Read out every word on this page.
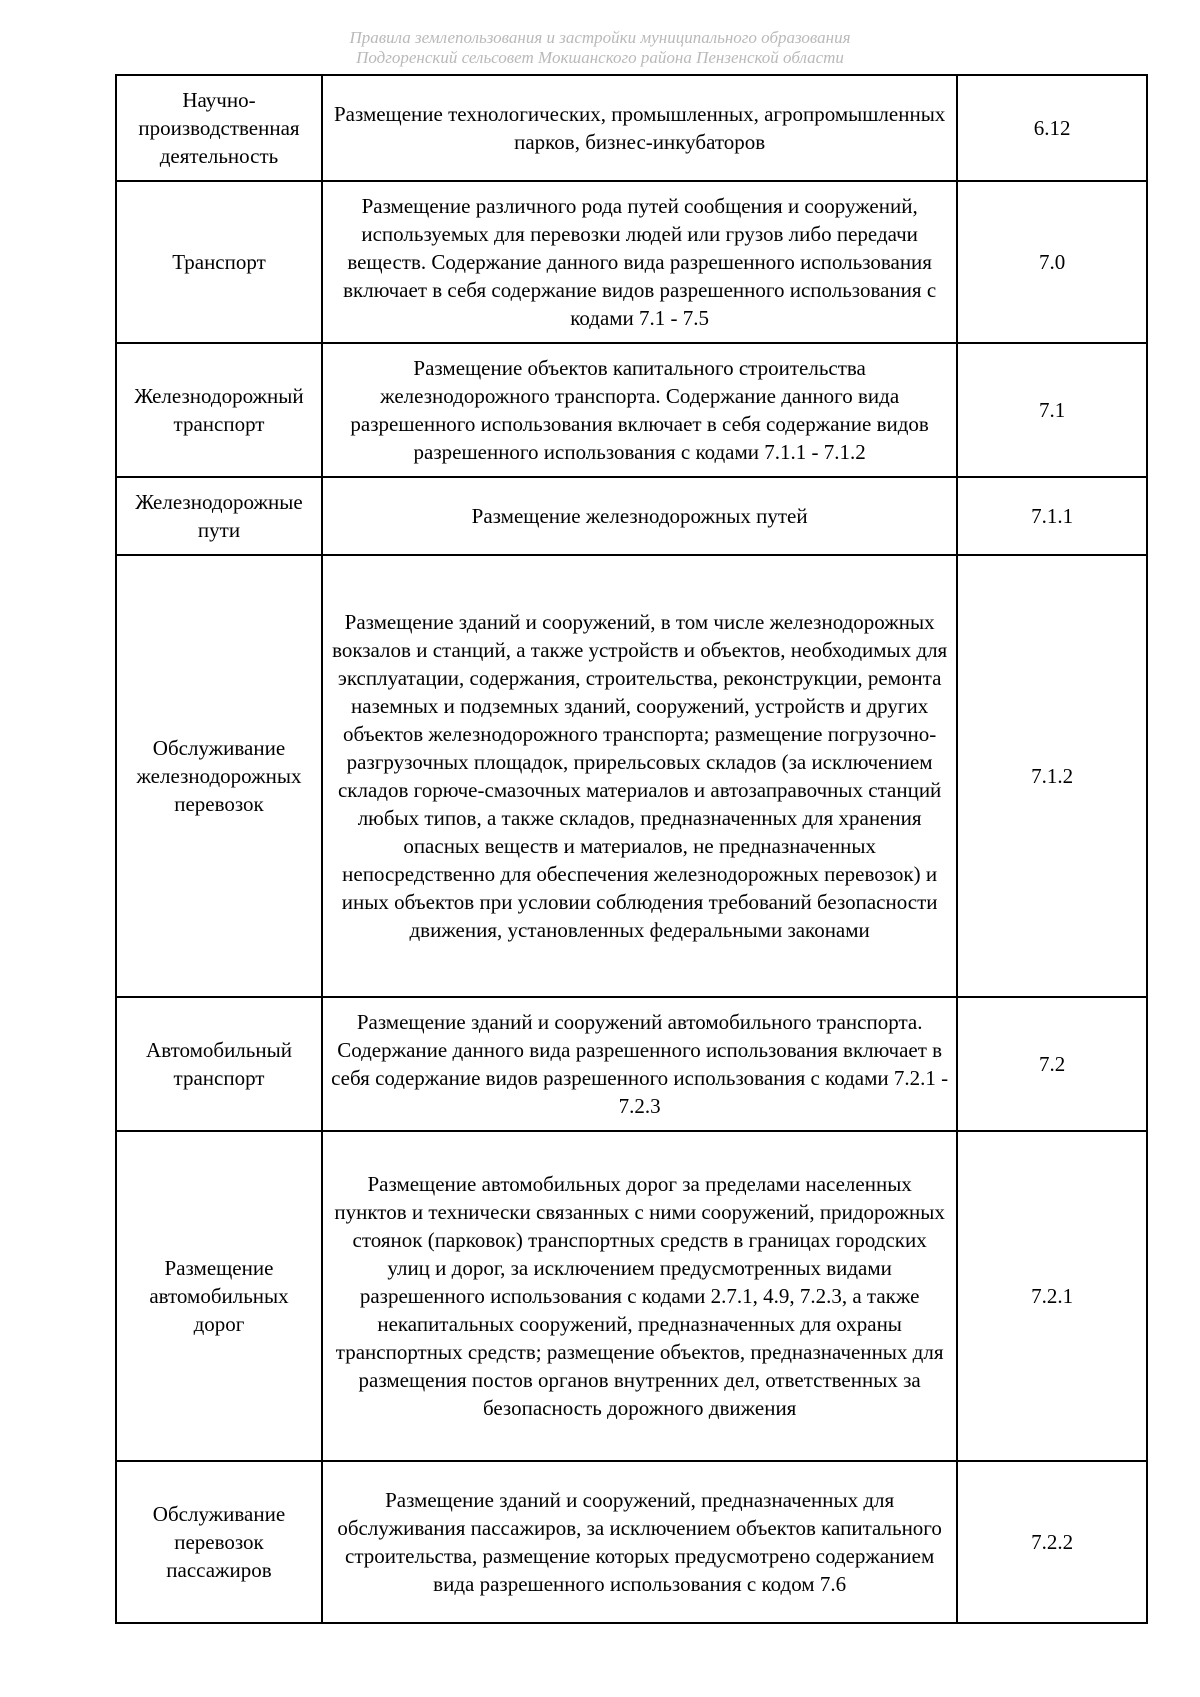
Правила землепользования и застройки муниципального образования
Подгоренский сельсовет Мокшанского района Пензенской области
Научно-производственная деятельность	Размещение технологических, промышленных, агропромышленных парков, бизнес-инкубаторов	6.12
Транспорт	Размещение различного рода путей сообщения и сооружений, используемых для перевозки людей или грузов либо передачи веществ. Содержание данного вида разрешенного использования включает в себя содержание видов разрешенного использования с кодами 7.1 - 7.5	7.0
Железнодорожный транспорт	Размещение объектов капитального строительства железнодорожного транспорта. Содержание данного вида разрешенного использования включает в себя содержание видов разрешенного использования с кодами 7.1.1 - 7.1.2	7.1
Железнодорожные пути	Размещение железнодорожных путей	7.1.1
Обслуживание железнодорожных перевозок	Размещение зданий и сооружений, в том числе железнодорожных вокзалов и станций, а также устройств и объектов, необходимых для эксплуатации, содержания, строительства, реконструкции, ремонта наземных и подземных зданий, сооружений, устройств и других объектов железнодорожного транспорта; размещение погрузочно-разгрузочных площадок, прирельсовых складов (за исключением складов горюче-смазочных материалов и автозаправочных станций любых типов, а также складов, предназначенных для хранения опасных веществ и материалов, не предназначенных непосредственно для обеспечения железнодорожных перевозок) и иных объектов при условии соблюдения требований безопасности движения, установленных федеральными законами	7.1.2
Автомобильный транспорт	Размещение зданий и сооружений автомобильного транспорта. Содержание данного вида разрешенного использования включает в себя содержание видов разрешенного использования с кодами 7.2.1 - 7.2.3	7.2
Размещение автомобильных дорог	Размещение автомобильных дорог за пределами населенных пунктов и технически связанных с ними сооружений, придорожных стоянок (парковок) транспортных средств в границах городских улиц и дорог, за исключением предусмотренных видами разрешенного использования с кодами 2.7.1, 4.9, 7.2.3, а также некапитальных сооружений, предназначенных для охраны транспортных средств; размещение объектов, предназначенных для размещения постов органов внутренних дел, ответственных за безопасность дорожного движения	7.2.1
Обслуживание перевозок пассажиров	Размещение зданий и сооружений, предназначенных для обслуживания пассажиров, за исключением объектов капитального строительства, размещение которых предусмотрено содержанием вида разрешенного использования с кодом 7.6	7.2.2
